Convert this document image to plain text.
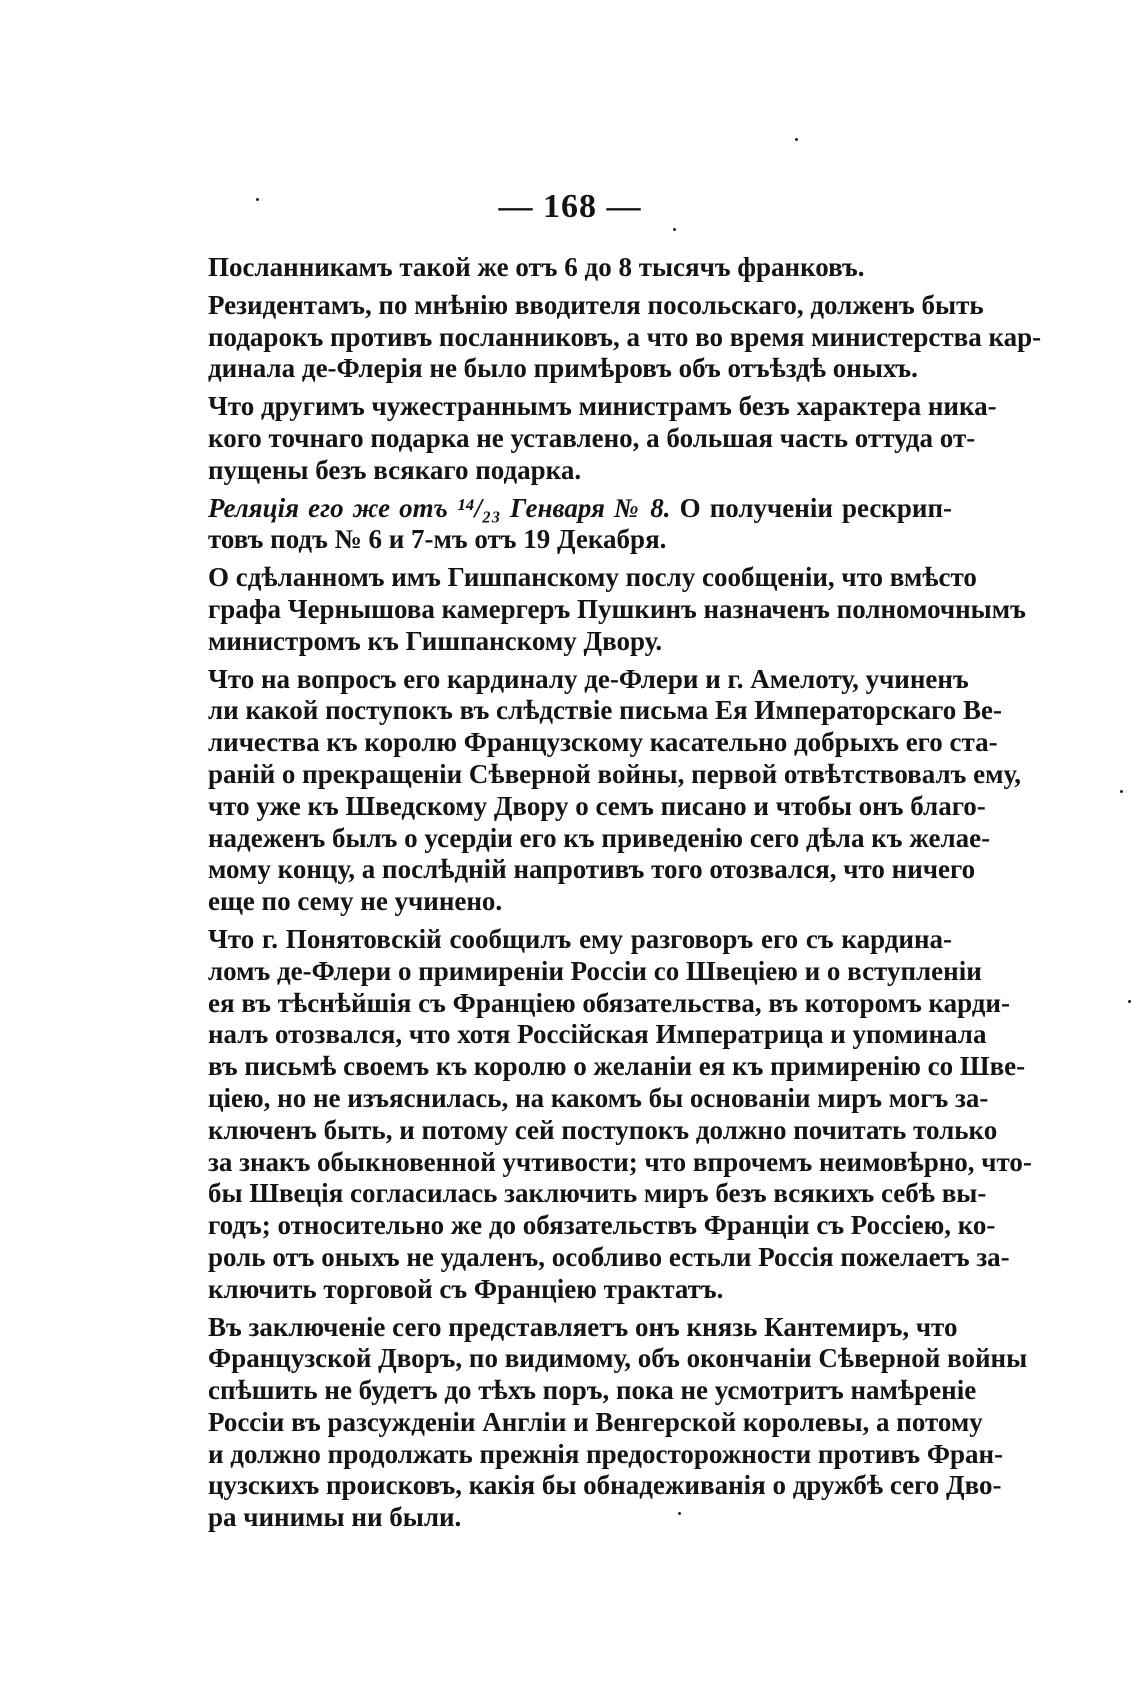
— 168 —

Посланникамъ такой же отъ 6 до 8 тысячъ франковъ.

Резидентамъ, по мнѣнію вводителя посольскаго, долженъ быть
подарокъ противъ посланниковъ, а что во время министерства кар-
динала де-Флерія не было примѣровъ объ отъѣздѣ оныхъ.

Что другимъ чужестраннымъ министрамъ безъ характера ника-
кого точнаго подарка не уставлено, а большая часть оттуда от-
пущены безъ всякаго подарка.

Реляція его же отъ ¹⁴/₂₃ Генваря № 8. О полученіи рескрип-
товъ подъ № 6 и 7-мъ отъ 19 Декабря.

О сдѣланномъ имъ Гишпанскому послу сообщеніи, что вмѣсто
графа Чернышова камергеръ Пушкинъ назначенъ полномочнымъ
министромъ къ Гишпанскому Двору.

Что на вопросъ его кардиналу де-Флери и г. Амелоту, учиненъ
ли какой поступокъ въ слѣдствіе письма Ея Императорскаго Ве-
личества къ королю Французскому касательно добрыхъ его ста-
раній о прекращеніи Сѣверной войны, первой отвѣтствовалъ ему,
что уже къ Шведскому Двору о семъ писано и чтобы онъ благо-
надеженъ былъ о усердіи его къ приведенію сего дѣла къ желае-
мому концу, а послѣдній напротивъ того отозвался, что ничего
еще по сему не учинено.

Что г. Понятовскій сообщилъ ему разговоръ его съ кардина-
ломъ де-Флери о примиреніи Россіи со Швеціею и о вступленіи
ея въ тѣснѣйшія съ Франціею обязательства, въ которомъ карди-
налъ отозвался, что хотя Россійская Императрица и упоминала
въ письмѣ своемъ къ королю о желаніи ея къ примиренію со Шве-
ціею, но не изъяснилась, на какомъ бы основаніи миръ могъ за-
ключенъ быть, и потому сей поступокъ должно почитать только
за знакъ обыкновенной учтивости; что впрочемъ неимовѣрно, что-
бы Швеція согласилась заключить миръ безъ всякихъ себѣ вы-
годъ; относительно же до обязательствъ Франціи съ Россіею, ко-
роль отъ оныхъ не удаленъ, особливо естьли Россія пожелаетъ за-
ключить торговой съ Франціею трактатъ.

Въ заключеніе сего представляетъ онъ князь Кантемиръ, что
Французской Дворъ, по видимому, объ окончаніи Сѣверной войны
спѣшить не будетъ до тѣхъ поръ, пока не усмотритъ намѣреніе
Россіи въ разсужденіи Англіи и Венгерской королевы, а потому
и должно продолжать прежнія предосторожности противъ Фран-
цузскихъ происковъ, какія бы обнадеживанія о дружбѣ сего Дво-
ра чинимы ни были.
